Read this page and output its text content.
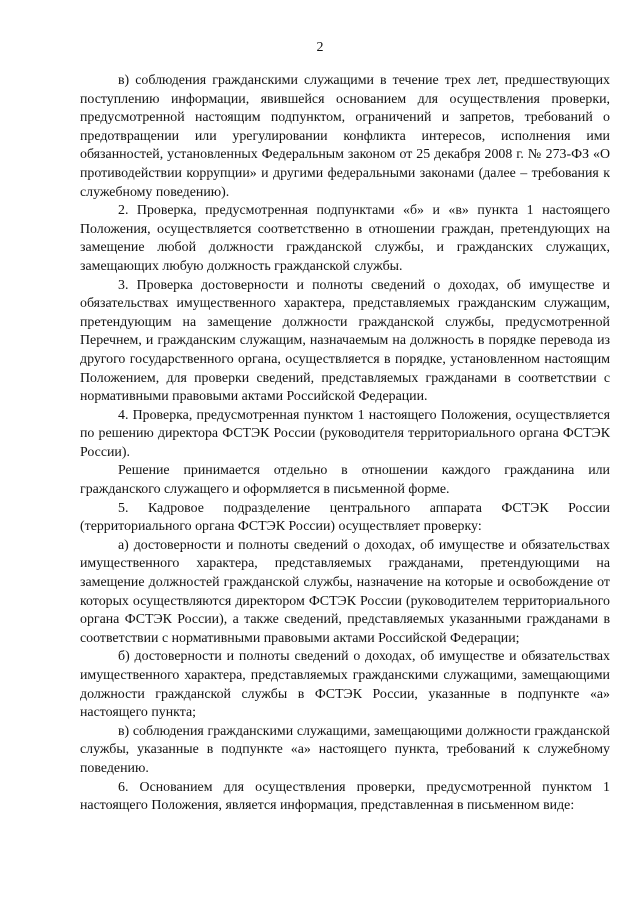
2

в) соблюдения гражданскими служащими в течение трех лет, предшествующих поступлению информации, явившейся основанием для осуществления проверки, предусмотренной настоящим подпунктом, ограничений и запретов, требований о предотвращении или урегулировании конфликта интересов, исполнения ими обязанностей, установленных Федеральным законом от 25 декабря 2008 г. № 273-ФЗ «О противодействии коррупции» и другими федеральными законами (далее – требования к служебному поведению).

2. Проверка, предусмотренная подпунктами «б» и «в» пункта 1 настоящего Положения, осуществляется соответственно в отношении граждан, претендующих на замещение любой должности гражданской службы, и гражданских служащих, замещающих любую должность гражданской службы.

3. Проверка достоверности и полноты сведений о доходах, об имуществе и обязательствах имущественного характера, представляемых гражданским служащим, претендующим на замещение должности гражданской службы, предусмотренной Перечнем, и гражданским служащим, назначаемым на должность в порядке перевода из другого государственного органа, осуществляется в порядке, установленном настоящим Положением, для проверки сведений, представляемых гражданами в соответствии с нормативными правовыми актами Российской Федерации.

4. Проверка, предусмотренная пунктом 1 настоящего Положения, осуществляется по решению директора ФСТЭК России (руководителя территориального органа ФСТЭК России).

Решение принимается отдельно в отношении каждого гражданина или гражданского служащего и оформляется в письменной форме.

5. Кадровое подразделение центрального аппарата ФСТЭК России (территориального органа ФСТЭК России) осуществляет проверку:

а) достоверности и полноты сведений о доходах, об имуществе и обязательствах имущественного характера, представляемых гражданами, претендующими на замещение должностей гражданской службы, назначение на которые и освобождение от которых осуществляются директором ФСТЭК России (руководителем территориального органа ФСТЭК России), а также сведений, представляемых указанными гражданами в соответствии с нормативными правовыми актами Российской Федерации;

б) достоверности и полноты сведений о доходах, об имуществе и обязательствах имущественного характера, представляемых гражданскими служащими, замещающими должности гражданской службы в ФСТЭК России, указанные в подпункте «а» настоящего пункта;

в) соблюдения гражданскими служащими, замещающими должности гражданской службы, указанные в подпункте «а» настоящего пункта, требований к служебному поведению.

6. Основанием для осуществления проверки, предусмотренной пунктом 1 настоящего Положения, является информация, представленная в письменном виде:
